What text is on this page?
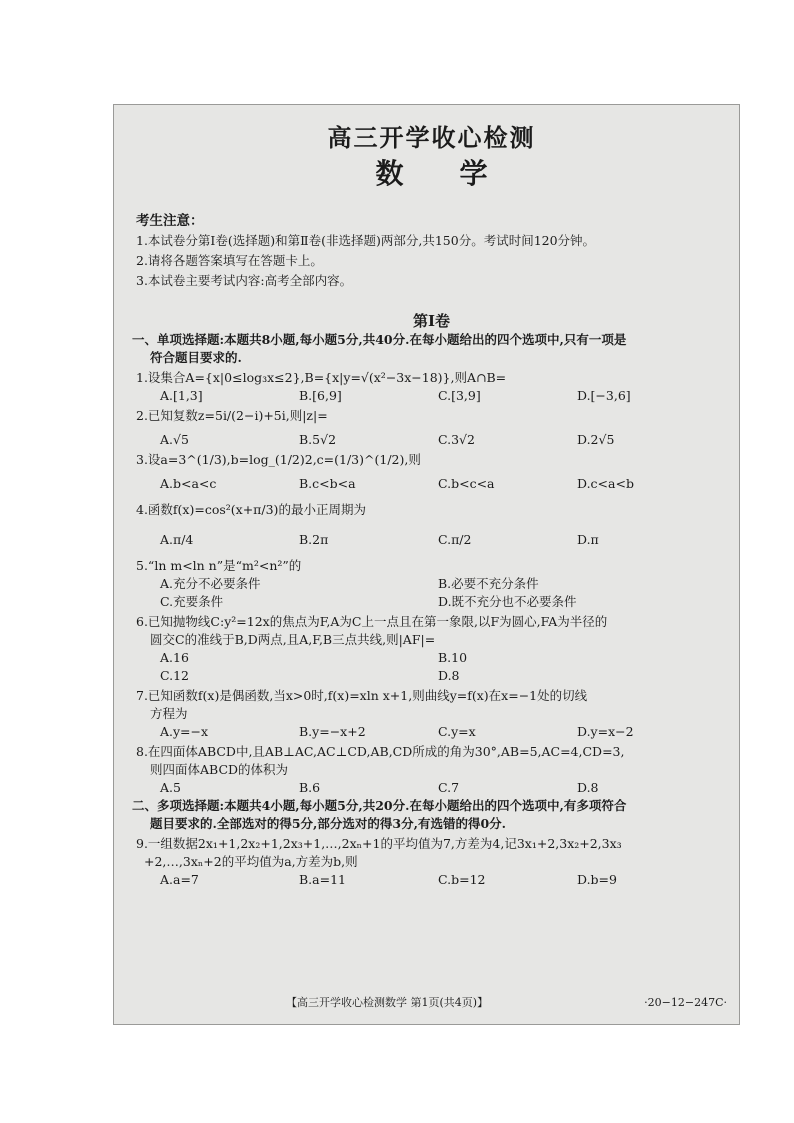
高三开学收心检测
数学
考生注意：
1.本试卷分第Ⅰ卷(选择题)和第Ⅱ卷(非选择题)两部分,共150分。考试时间120分钟。
2.请将各题答案填写在答题卡上。
3.本试卷主要考试内容:高考全部内容。
第Ⅰ卷
一、单项选择题:本题共8小题,每小题5分,共40分.在每小题给出的四个选项中,只有一项是
符合题目要求的.
1.设集合A={x|0≤log₃x≤2},B={x|y=√(x²−3x−18)},则A∩B=
A.[1,3]	B.[6,9]	C.[3,9]	D.[−3,6]
2.已知复数z=5i/(2−i)+5i,则|z|=
A.√5	B.5√2	C.3√2	D.2√5
3.设a=3^(1/3),b=log_(1/2)2,c=(1/3)^(1/2),则
A.b<a<c	B.c<b<a	C.b<c<a	D.c<a<b
4.函数f(x)=cos²(x+π/3)的最小正周期为
A.π/4	B.2π	C.π/2	D.π
5.“ln m<ln n”是“m²<n²”的
A.充分不必要条件	B.必要不充分条件
C.充要条件	D.既不充分也不必要条件
6.已知抛物线C:y²=12x的焦点为F,A为C上一点且在第一象限,以F为圆心,FA为半径的
圆交C的准线于B,D两点,且A,F,B三点共线,则|AF|=
A.16	B.10
C.12	D.8
7.已知函数f(x)是偶函数,当x>0时,f(x)=xln x+1,则曲线y=f(x)在x=−1处的切线
方程为
A.y=−x	B.y=−x+2	C.y=x	D.y=x−2
8.在四面体ABCD中,且AB⊥AC,AC⊥CD,AB,CD所成的角为30°,AB=5,AC=4,CD=3,
则四面体ABCD的体积为
A.5	B.6	C.7	D.8
二、多项选择题:本题共4小题,每小题5分,共20分.在每小题给出的四个选项中,有多项符合
题目要求的.全部选对的得5分,部分选对的得3分,有选错的得0分.
9.一组数据2x₁+1,2x₂+1,2x₃+1,…,2xₙ+1的平均值为7,方差为4,记3x₁+2,3x₂+2,3x₃
+2,…,3xₙ+2的平均值为a,方差为b,则
A.a=7	B.a=11	C.b=12	D.b=9
【高三开学收心检测数学 第1页(共4页)】	·20−12−247C·
